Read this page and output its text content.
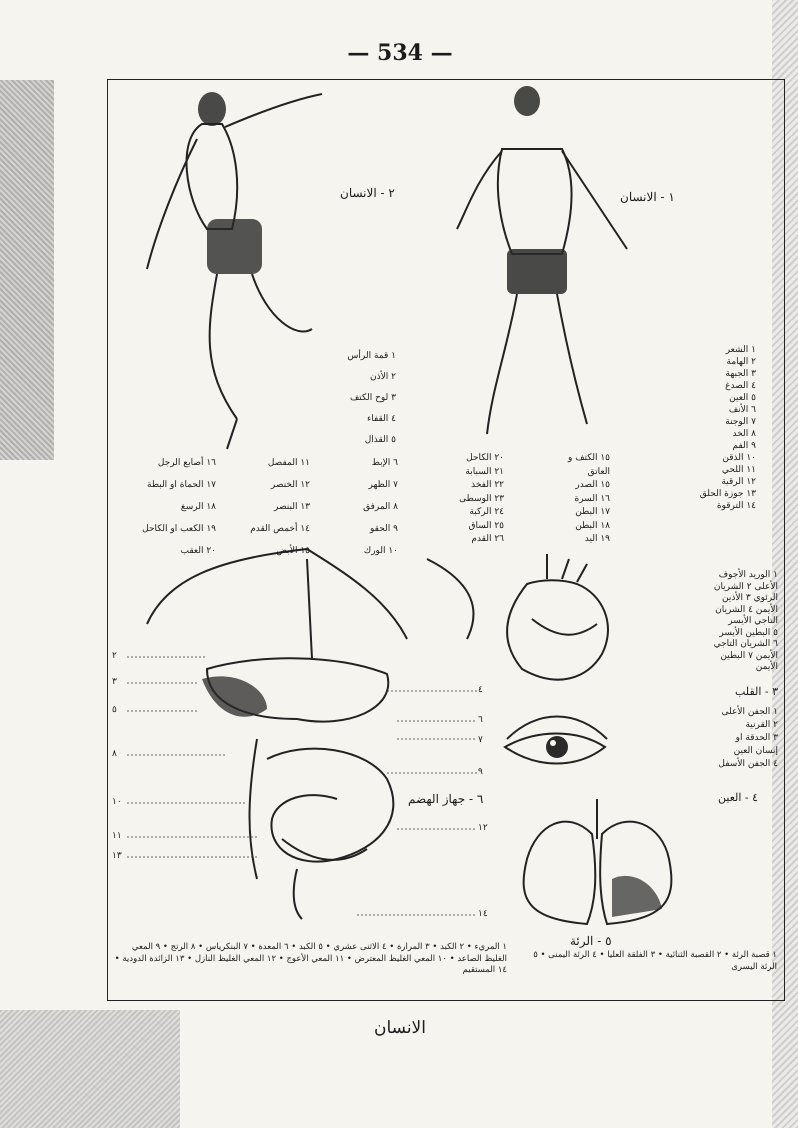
— 534 —
٢ - الانسان	١ - الانسان
٣ - القلب
٤ - العين
٥ - الرئة
٦ - جهاز الهضم
١ الشعر
٢ الهامة
٣ الجبهة
٤ الصدغ
٥ العين
٦ الأنف
٧ الوجنة
٨ الخد
٩ الفم
١٠ الذقن
١١ اللحي
١٢ الرقبة
١٣ جوزة الحلق
١٤ الترقوة
١ قمة الرأس
٢ الأذن
٣ لوح الكتف
٤ القفاء
٥ القذال
١٥ الكتف و
العاتق
١٥ الصدر
١٦ السرة
١٧ البطن
١٨ البطن
١٩ اليد
٢٠ الكاحل
٢١ السبابة
٢٢ الفخذ
٢٣ الوسطى
٢٤ الركبة
٢٥ الساق
٢٦ القدم
٦ الإبط
٧ الظهر
٨ المرفق
٩ الحقو
١٠ الورك
١١ المفصل
١٢ الخنصر
١٣ البنصر
١٤ أخمص القدم
١٥ الأبض
١٦ أصابع الرجل
١٧ الحماة او البطة
١٨ الرسغ
١٩ الكعب او الكاحل
٢٠ العقب
١ الوريد الأجوف
الأعلى ٢ الشريان
الرئوي ٣ الأذين
الأيمن ٤ الشريان
التاجي الأيسر
٥ البطين الأيسر
٦ الشريان التاجي
الأيمن ٧ البطين
الأيمن
١ الجفن الأعلى
٢ القرنية
٣ الحدقة او
إنسان العين
٤ الجفن الأسفل
٢
٣
٥
٨
١٠
١١
١٣
٤
٦
٧
٩
١٢
١٤
١ المريء • ٢ الكبد • ٣ المرارة • ٤ الاثنى عشري • ٥ الكبد • ٦ المعدة • ٧ البنكرياس • ٨ الرتج • ٩ المعي الغليظ الصاعد • ١٠ المعي الغليظ المعترض • ١١ المعي الأعوج • ١٢ المعي الغليظ النازل • ١٣ الزائدة الدودية • ١٤ المستقيم
١ قصبة الرئة • ٢ القصبة الثنائية • ٣ الفلقة العليا • ٤ الرئة اليمنى • ٥ الرئة اليسرى
الانسان
